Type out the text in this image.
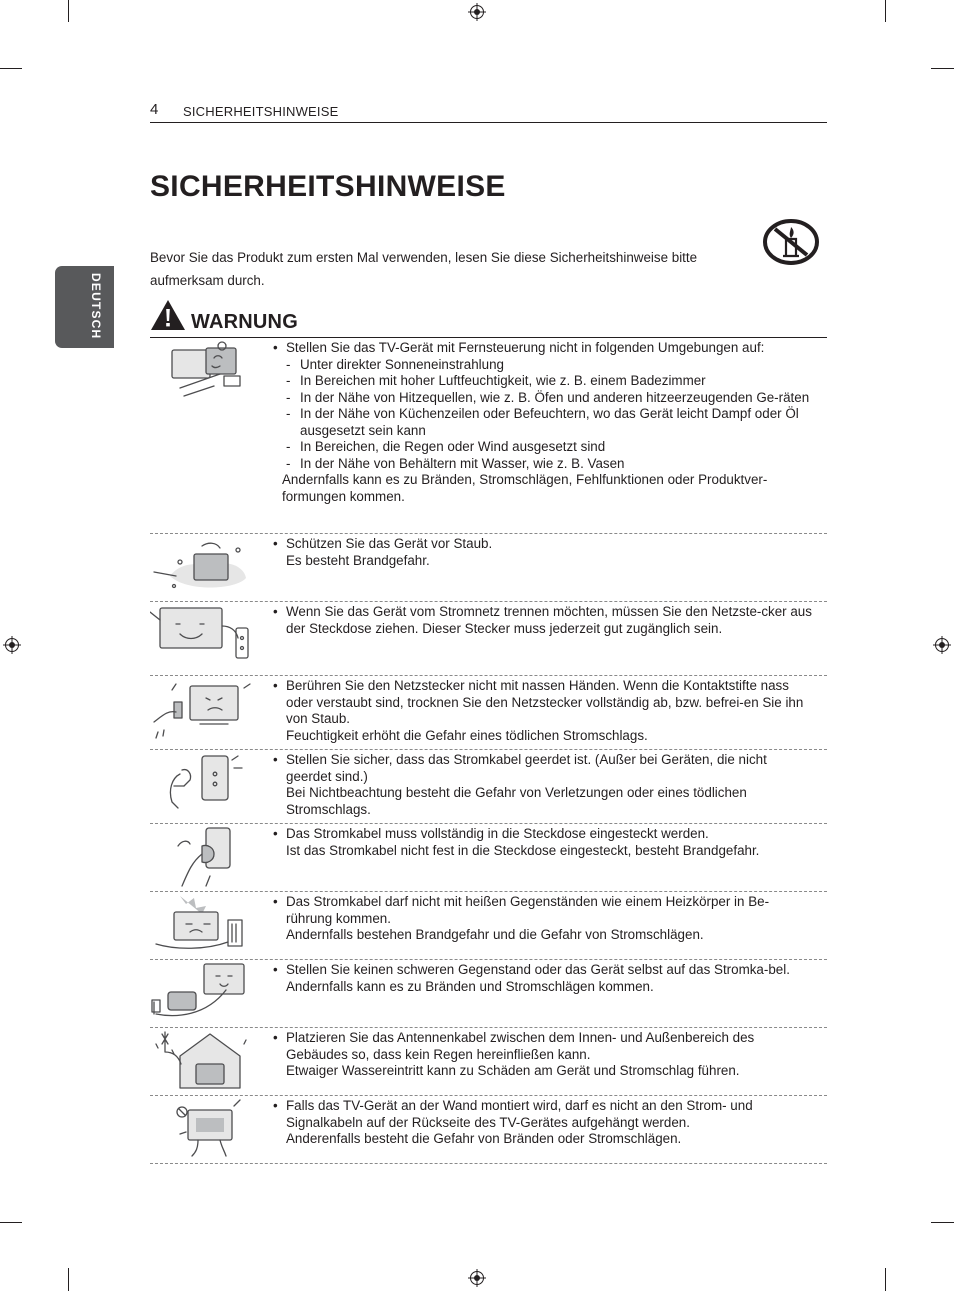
4 SICHERHEITSHINWEISE
DEUTSCH
SICHERHEITSHINWEISE

Bevor Sie das Produkt zum ersten Mal verwenden, lesen Sie diese Sicherheitshinweise bitte aufmerksam durch.

WARNUNG
• Stellen Sie das TV-Gerät mit Fernsteuerung nicht in folgenden Umgebungen auf:
- Unter direkter Sonneneinstrahlung
- In Bereichen mit hoher Luftfeuchtigkeit, wie z. B. einem Badezimmer
- In der Nähe von Hitzequellen, wie z. B. Öfen und anderen hitzeerzeugenden Ge-räten
- In der Nähe von Küchenzeilen oder Befeuchtern, wo das Gerät leicht Dampf oder Öl ausgesetzt sein kann
- In Bereichen, die Regen oder Wind ausgesetzt sind
- In der Nähe von Behältern mit Wasser, wie z. B. Vasen
Andernfalls kann es zu Bränden, Stromschlägen, Fehlfunktionen oder Produktver-formungen kommen.
• Schützen Sie das Gerät vor Staub.
Es besteht Brandgefahr.
• Wenn Sie das Gerät vom Stromnetz trennen möchten, müssen Sie den Netzste-cker aus der Steckdose ziehen. Dieser Stecker muss jederzeit gut zugänglich sein.
• Berühren Sie den Netzstecker nicht mit nassen Händen. Wenn die Kontaktstifte nass oder verstaubt sind, trocknen Sie den Netzstecker vollständig ab, bzw. befrei-en Sie ihn von Staub.
Feuchtigkeit erhöht die Gefahr eines tödlichen Stromschlags.
• Stellen Sie sicher, dass das Stromkabel geerdet ist. (Außer bei Geräten, die nicht geerdet sind.)
Bei Nichtbeachtung besteht die Gefahr von Verletzungen oder eines tödlichen Stromschlags.
• Das Stromkabel muss vollständig in die Steckdose eingesteckt werden.
Ist das Stromkabel nicht fest in die Steckdose eingesteckt, besteht Brandgefahr.
• Das Stromkabel darf nicht mit heißen Gegenständen wie einem Heizkörper in Be-rührung kommen.
Andernfalls bestehen Brandgefahr und die Gefahr von Stromschlägen.
• Stellen Sie keinen schweren Gegenstand oder das Gerät selbst auf das Stromka-bel.
Andernfalls kann es zu Bränden und Stromschlägen kommen.
• Platzieren Sie das Antennenkabel zwischen dem Innen- und Außenbereich des Gebäudes so, dass kein Regen hereinfließen kann.
Etwaiger Wassereintritt kann zu Schäden am Gerät und Stromschlag führen.
• Falls das TV-Gerät an der Wand montiert wird, darf es nicht an den Strom- und Signalkabeln auf der Rückseite des TV-Gerätes aufgehängt werden.
Anderenfalls besteht die Gefahr von Bränden oder Stromschlägen.
